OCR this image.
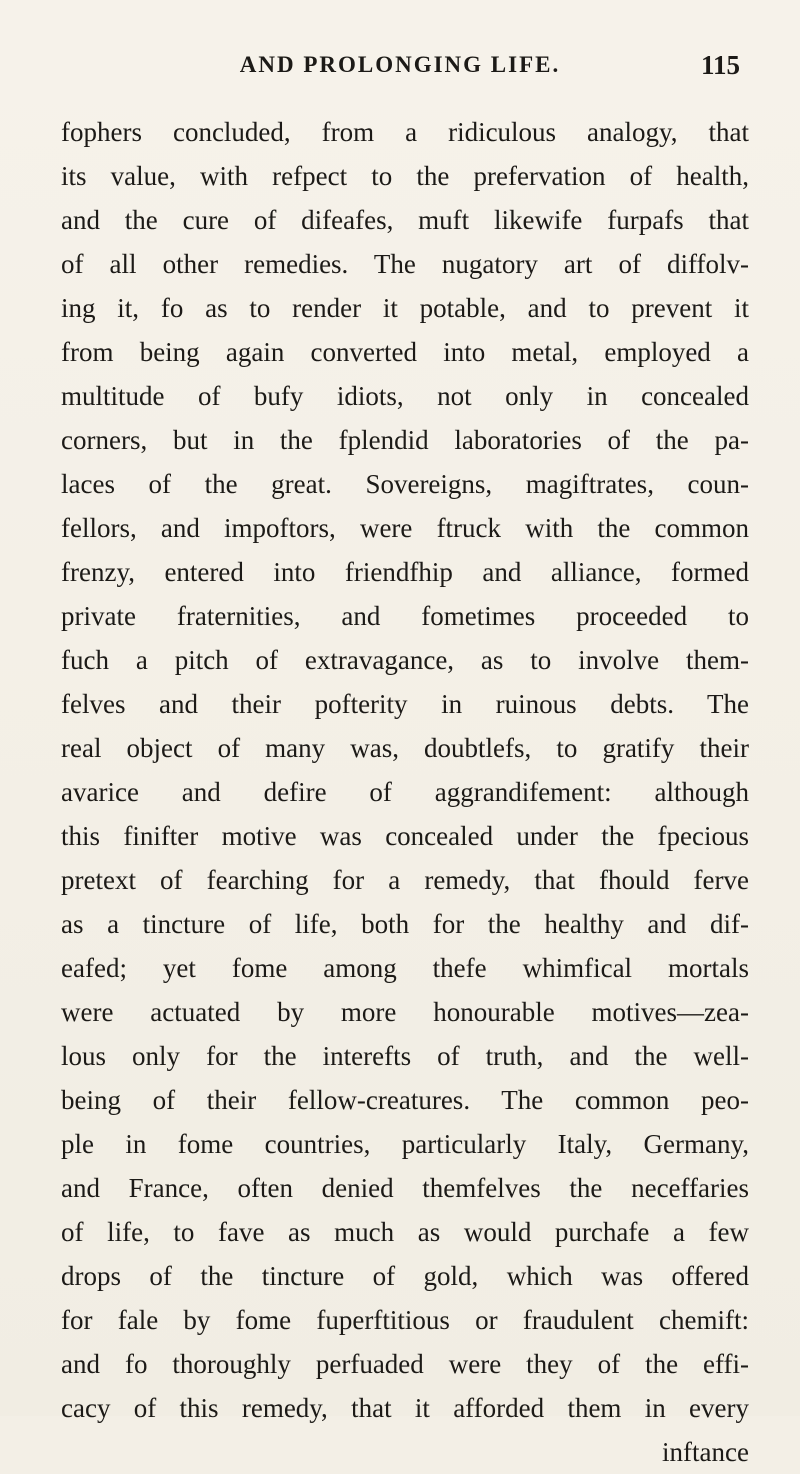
AND PROLONGING LIFE.	115
fophers concluded, from a ridiculous analogy, that
its value, with refpect to the prefervation of health,
and the cure of difeafes, muft likewife furpafs that
of all other remedies. The nugatory art of diffolv-
ing it, fo as to render it potable, and to prevent it
from being again converted into metal, employed a
multitude of bufy idiots, not only in concealed
corners, but in the fplendid laboratories of the pa-
laces of the great. Sovereigns, magiftrates, coun-
fellors, and impoftors, were ftruck with the common
frenzy, entered into friendfhip and alliance, formed
private fraternities, and fometimes proceeded to
fuch a pitch of extravagance, as to involve them-
felves and their pofterity in ruinous debts. The
real object of many was, doubtlefs, to gratify their
avarice and defire of aggrandifement: although
this finifter motive was concealed under the fpecious
pretext of fearching for a remedy, that fhould ferve
as a tincture of life, both for the healthy and dif-
eafed; yet fome among thefe whimfical mortals
were actuated by more honourable motives—zea-
lous only for the interefts of truth, and the well-
being of their fellow-creatures. The common peo-
ple in fome countries, particularly Italy, Germany,
and France, often denied themfelves the neceffaries
of life, to fave as much as would purchafe a few
drops of the tincture of gold, which was offered
for fale by fome fuperftitious or fraudulent chemift:
and fo thoroughly perfuaded were they of the effi-
cacy of this remedy, that it afforded them in every
inftance
